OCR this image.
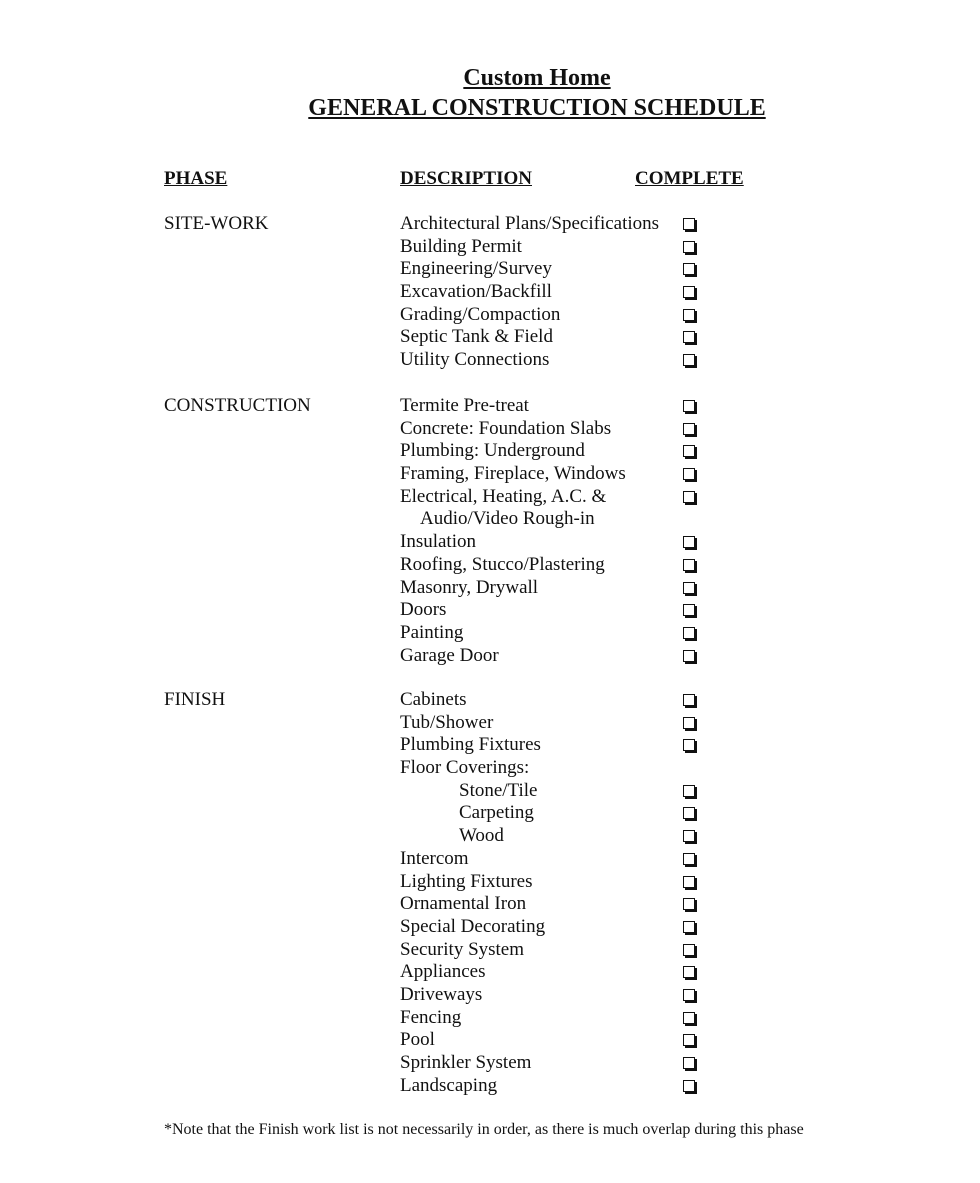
Custom Home
GENERAL CONSTRUCTION SCHEDULE
PHASE	DESCRIPTION	COMPLETE
SITE-WORK	Architectural Plans/Specifications
Building Permit
Engineering/Survey
Excavation/Backfill
Grading/Compaction
Septic Tank & Field
Utility Connections
CONSTRUCTION	Termite Pre-treat
Concrete: Foundation Slabs
Plumbing: Underground
Framing, Fireplace, Windows
Electrical, Heating, A.C. &
Audio/Video Rough-in
Insulation
Roofing, Stucco/Plastering
Masonry, Drywall
Doors
Painting
Garage Door
FINISH	Cabinets
Tub/Shower
Plumbing Fixtures
Floor Coverings:
Stone/Tile
Carpeting
Wood
Intercom
Lighting Fixtures
Ornamental Iron
Special Decorating
Security System
Appliances
Driveways
Fencing
Pool
Sprinkler System
Landscaping
*Note that the Finish work list is not necessarily in order, as there is much overlap during this phase
